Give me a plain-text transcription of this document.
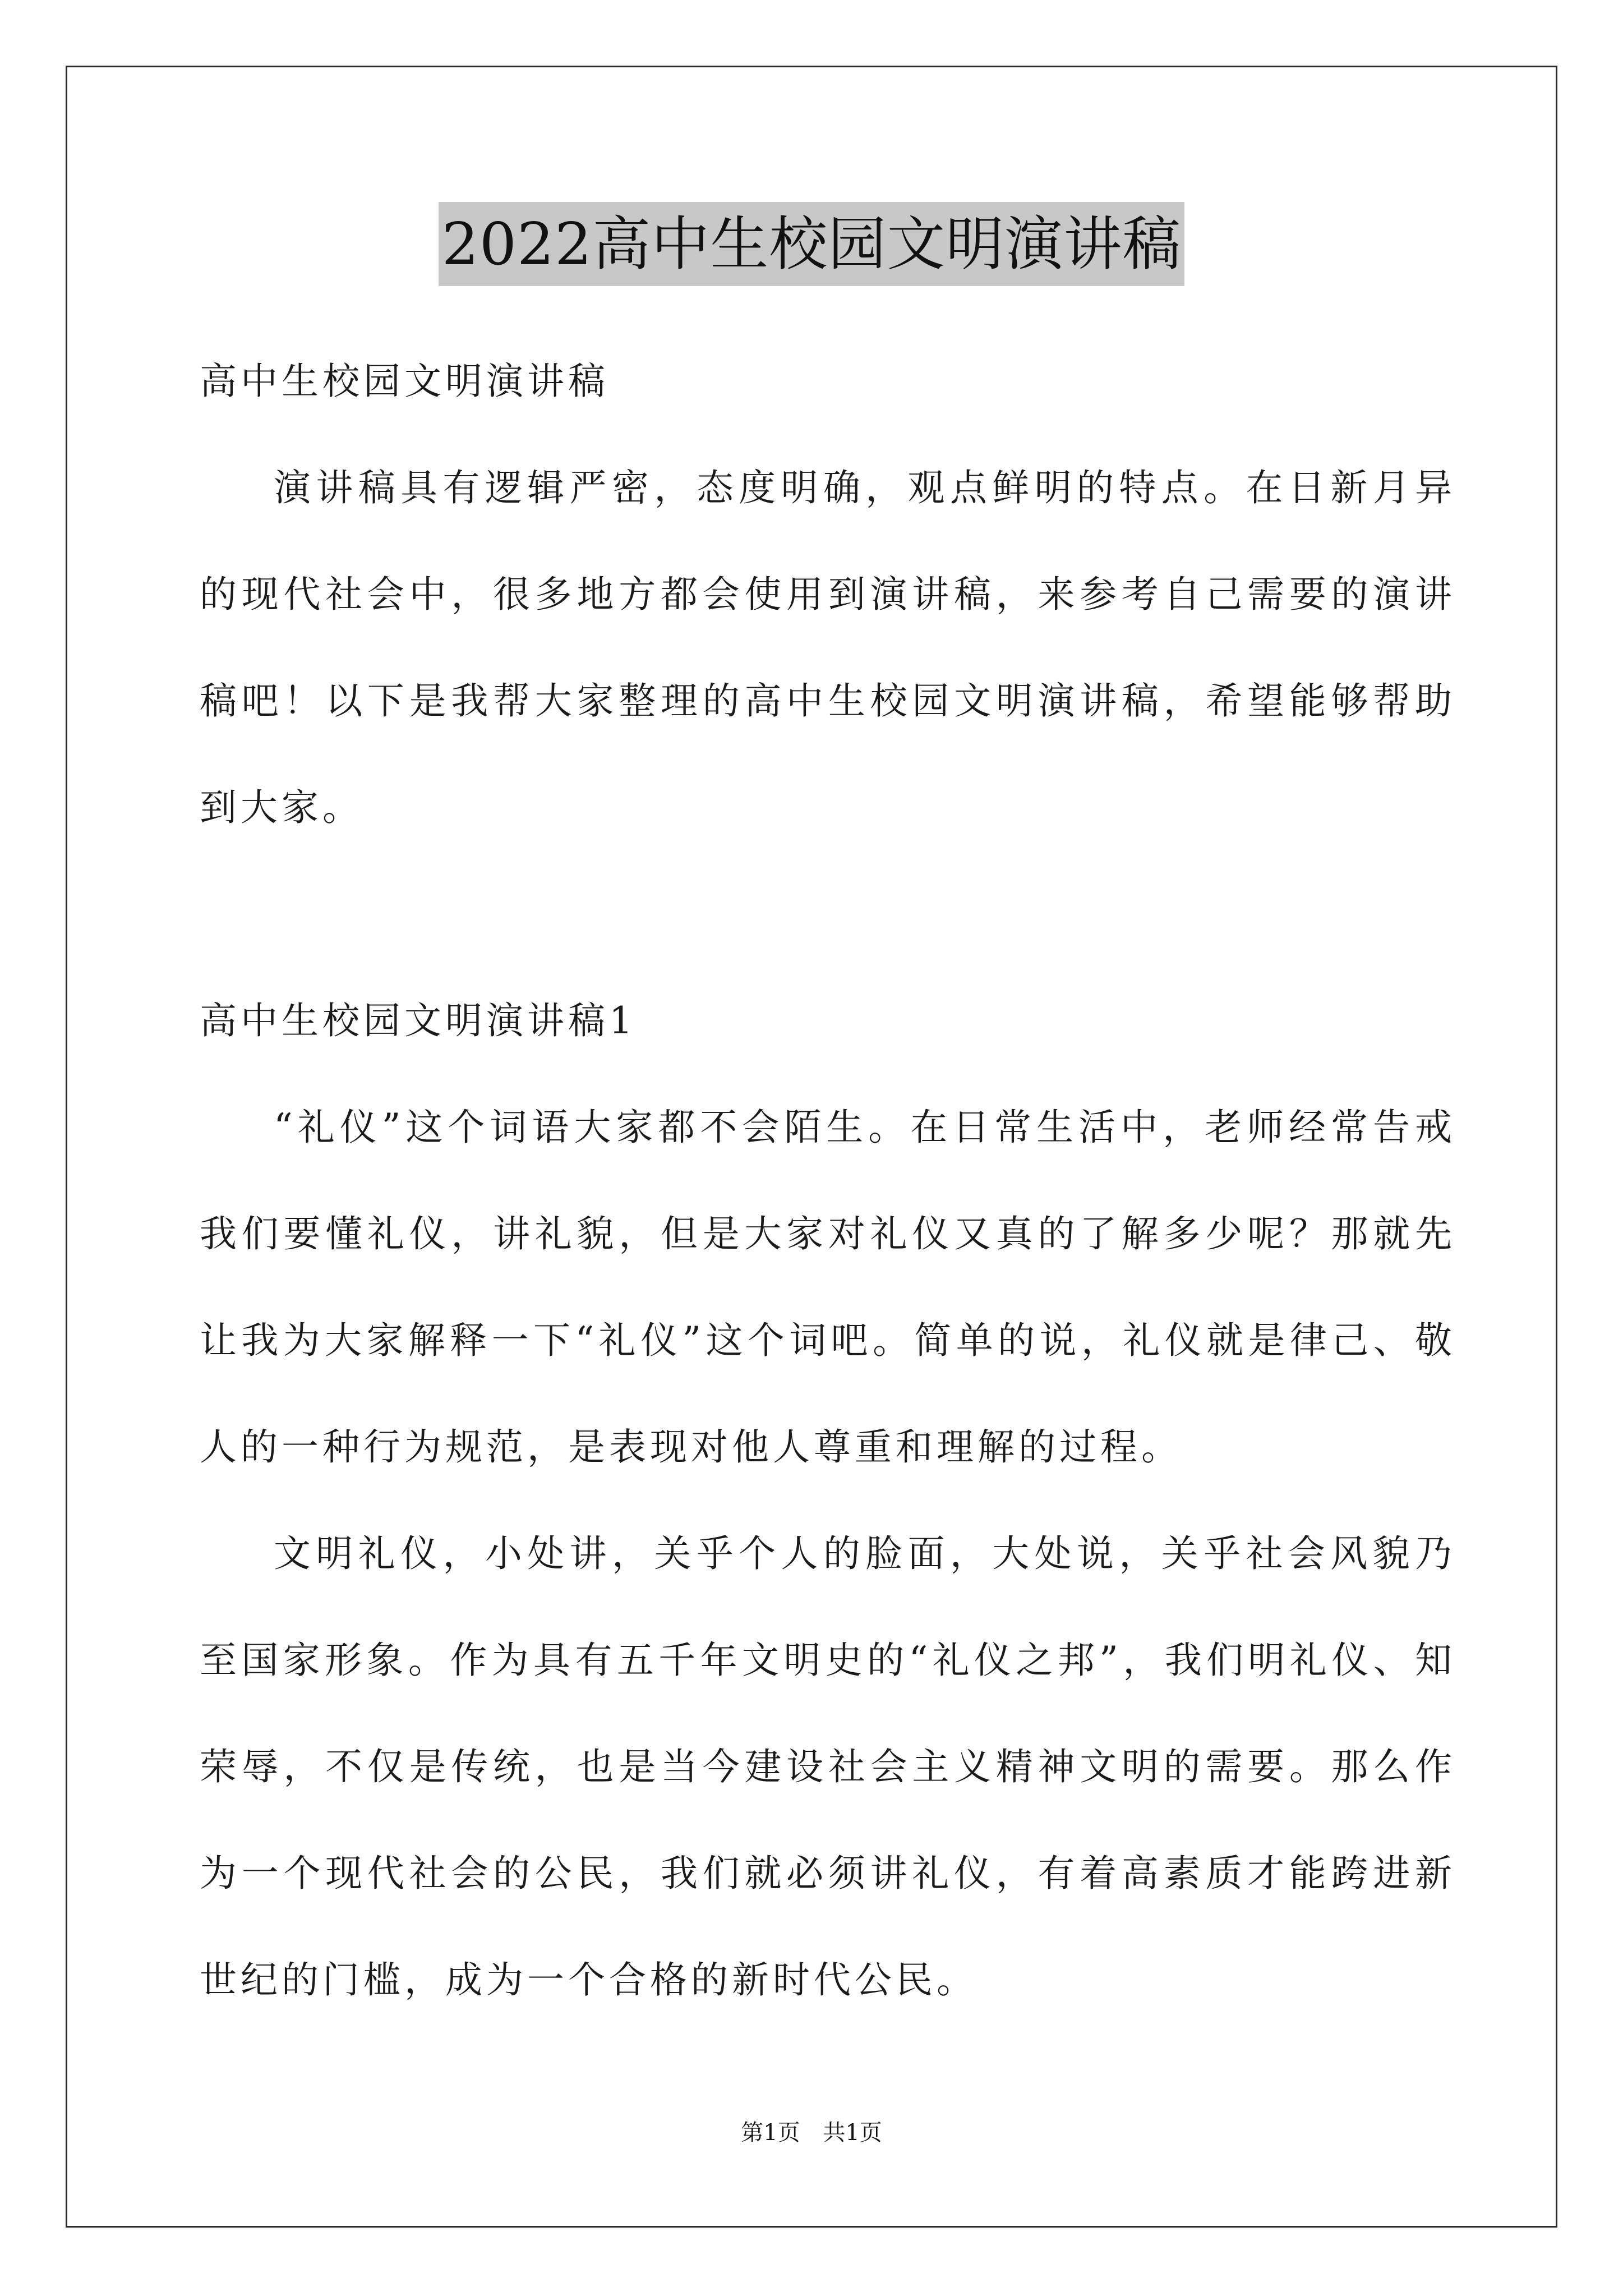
2022高中生校园文明演讲稿

高中生校园文明演讲稿

演讲稿具有逻辑严密，态度明确，观点鲜明的特点。在日新月异的现代社会中，很多地方都会使用到演讲稿，来参考自己需要的演讲稿吧！以下是我帮大家整理的高中生校园文明演讲稿，希望能够帮助到大家。

高中生校园文明演讲稿1

“礼仪”这个词语大家都不会陌生。在日常生活中，老师经常告戒我们要懂礼仪，讲礼貌，但是大家对礼仪又真的了解多少呢？那就先让我为大家解释一下“礼仪”这个词吧。简单的说，礼仪就是律己、敬人的一种行为规范，是表现对他人尊重和理解的过程。

文明礼仪，小处讲，关乎个人的脸面，大处说，关乎社会风貌乃至国家形象。作为具有五千年文明史的“礼仪之邦”，我们明礼仪、知荣辱，不仅是传统，也是当今建设社会主义精神文明的需要。那么作为一个现代社会的公民，我们就必须讲礼仪，有着高素质才能跨进新世纪的门槛，成为一个合格的新时代公民。

第1页 共1页
